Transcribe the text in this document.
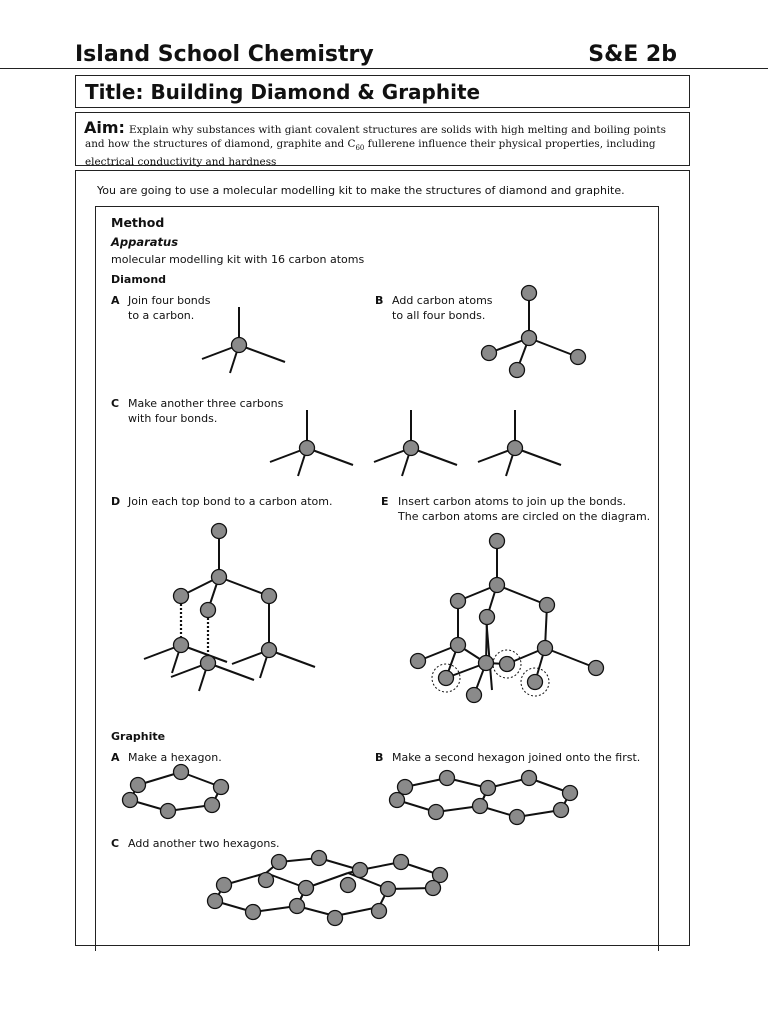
Island School Chemistry	S&E 2b
Title: Building Diamond & Graphite
Aim: Explain why substances with giant covalent structures are solids with high melting and boiling points and how the structures of diamond, graphite and $C_{60}$ fullerene influence their physical properties, including electrical conductivity and hardness
You are going to use a molecular modelling kit to make the structures of diamond and graphite.
Method
Apparatus
molecular modelling kit with 16 carbon atoms
Diamond
A Join four bonds
to a carbon.
B Add carbon atoms
to all four bonds.
C Make another three carbons
with four bonds.
D Join each top bond to a carbon atom.	E Insert carbon atoms to join up the bonds.
The carbon atoms are circled on the diagram.
Graphite
A Make a hexagon.	B Make a second hexagon joined onto the first.
C Add another two hexagons.
